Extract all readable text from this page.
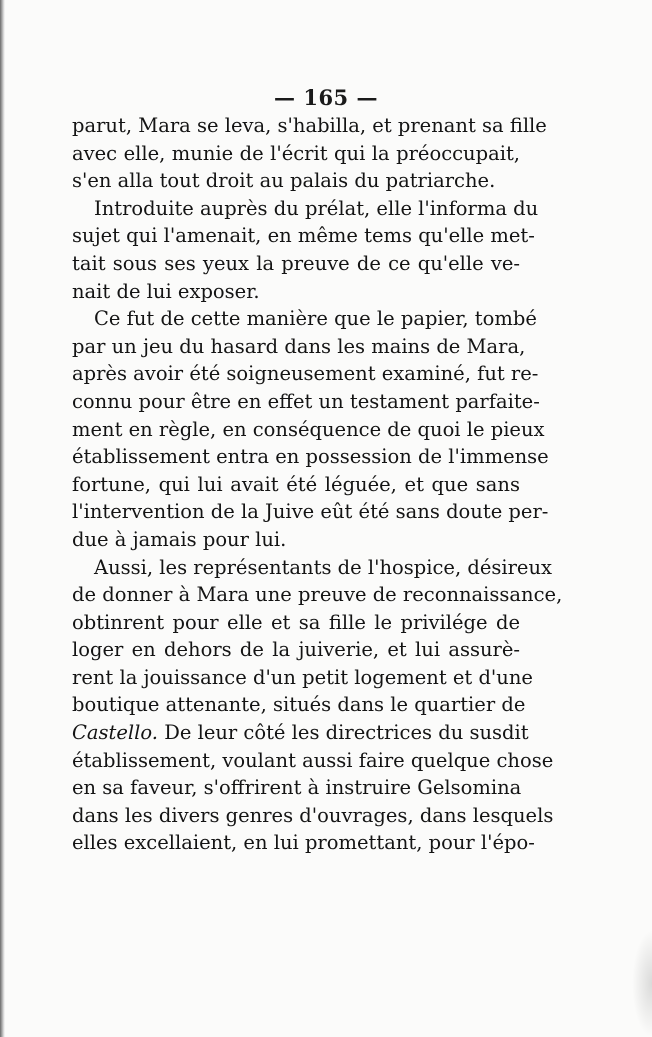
— 165 —

parut, Mara se leva, s'habilla, et prenant sa fille
avec elle, munie de l'écrit qui la préoccupait,
s'en alla tout droit au palais du patriarche.
Introduite auprès du prélat, elle l'informa du
sujet qui l'amenait, en même tems qu'elle met-
tait sous ses yeux la preuve de ce qu'elle ve-
nait de lui exposer.
Ce fut de cette manière que le papier, tombé
par un jeu du hasard dans les mains de Mara,
après avoir été soigneusement examiné, fut re-
connu pour être en effet un testament parfaite-
ment en règle, en conséquence de quoi le pieux
établissement entra en possession de l'immense
fortune, qui lui avait été léguée, et que sans
l'intervention de la Juive eût été sans doute per-
due à jamais pour lui.
Aussi, les représentants de l'hospice, désireux
de donner à Mara une preuve de reconnaissance,
obtinrent pour elle et sa fille le privilége de
loger en dehors de la juiverie, et lui assurè-
rent la jouissance d'un petit logement et d'une
boutique attenante, situés dans le quartier de
Castello. De leur côté les directrices du susdit
établissement, voulant aussi faire quelque chose
en sa faveur, s'offrirent à instruire Gelsomina
dans les divers genres d'ouvrages, dans lesquels
elles excellaient, en lui promettant, pour l'épo-
